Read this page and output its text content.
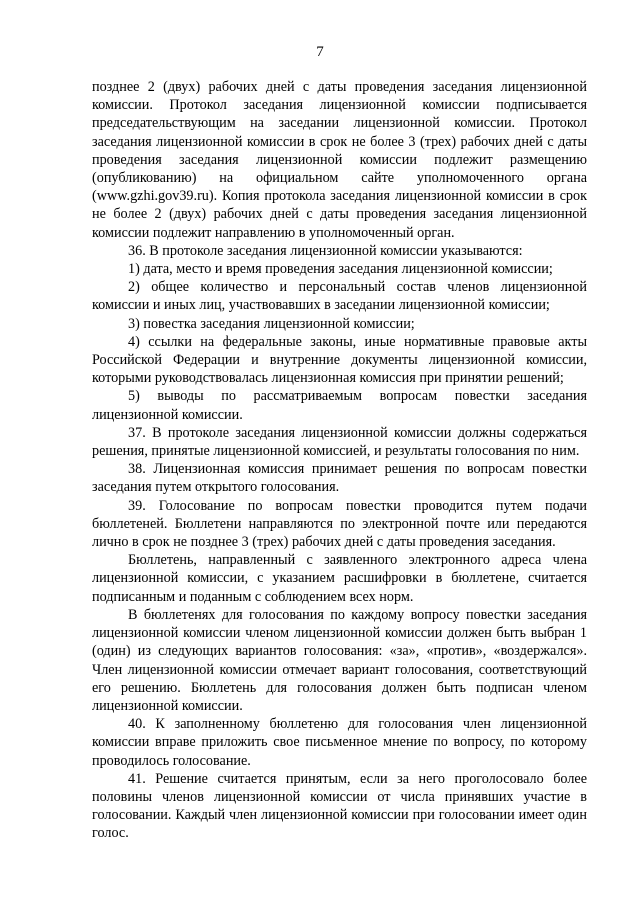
7

позднее 2 (двух) рабочих дней с даты проведения заседания лицензионной комиссии. Протокол заседания лицензионной комиссии подписывается председательствующим на заседании лицензионной комиссии. Протокол заседания лицензионной комиссии в срок не более 3 (трех) рабочих дней с даты проведения заседания лицензионной комиссии подлежит размещению (опубликованию) на официальном сайте уполномоченного органа (www.gzhi.gov39.ru). Копия протокола заседания лицензионной комиссии в срок не более 2 (двух) рабочих дней с даты проведения заседания лицензионной комиссии подлежит направлению в уполномоченный орган.

36. В протоколе заседания лицензионной комиссии указываются:

1) дата, место и время проведения заседания лицензионной комиссии;

2) общее количество и персональный состав членов лицензионной комиссии и иных лиц, участвовавших в заседании лицензионной комиссии;

3) повестка заседания лицензионной комиссии;

4) ссылки на федеральные законы, иные нормативные правовые акты Российской Федерации и внутренние документы лицензионной комиссии, которыми руководствовалась лицензионная комиссия при принятии решений;

5) выводы по рассматриваемым вопросам повестки заседания лицензионной комиссии.

37. В протоколе заседания лицензионной комиссии должны содержаться решения, принятые лицензионной комиссией, и результаты голосования по ним.

38. Лицензионная комиссия принимает решения по вопросам повестки заседания путем открытого голосования.

39. Голосование по вопросам повестки проводится путем подачи бюллетеней. Бюллетени направляются по электронной почте или передаются лично в срок не позднее 3 (трех) рабочих дней с даты проведения заседания.

Бюллетень, направленный с заявленного электронного адреса члена лицензионной комиссии, с указанием расшифровки в бюллетене, считается подписанным и поданным с соблюдением всех норм.

В бюллетенях для голосования по каждому вопросу повестки заседания лицензионной комиссии членом лицензионной комиссии должен быть выбран 1 (один) из следующих вариантов голосования: «за», «против», «воздержался». Член лицензионной комиссии отмечает вариант голосования, соответствующий его решению. Бюллетень для голосования должен быть подписан членом лицензионной комиссии.

40. К заполненному бюллетеню для голосования член лицензионной комиссии вправе приложить свое письменное мнение по вопросу, по которому проводилось голосование.

41. Решение считается принятым, если за него проголосовало более половины членов лицензионной комиссии от числа принявших участие в голосовании. Каждый член лицензионной комиссии при голосовании имеет один голос.
